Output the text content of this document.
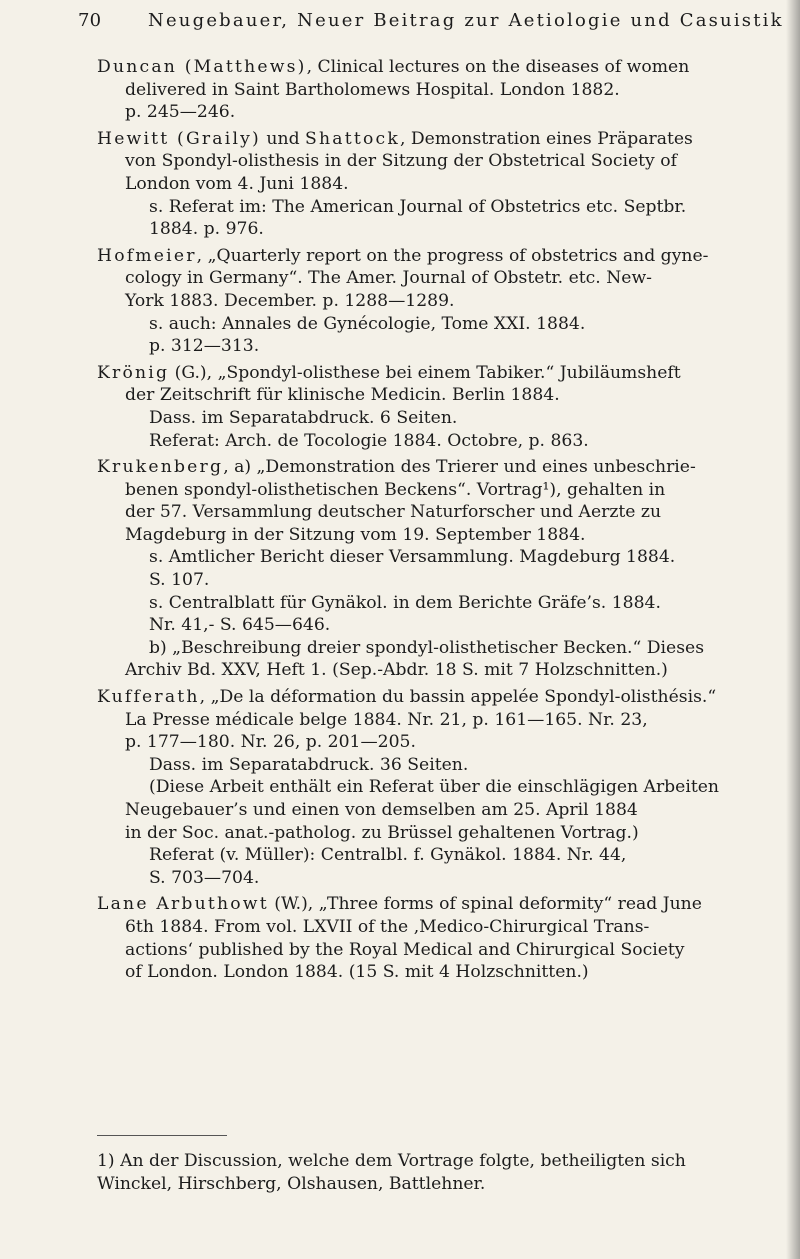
70	Neugebauer, Neuer Beitrag zur Aetiologie und Casuistik
Duncan (Matthews), Clinical lectures on the diseases of women
delivered in Saint Bartholomews Hospital. London 1882.
p. 245—246.
Hewitt (Graily) und Shattock, Demonstration eines Präparates
von Spondyl-olisthesis in der Sitzung der Obstetrical Society of
London vom 4. Juni 1884.
s. Referat im: The American Journal of Obstetrics etc. Septbr.
1884. p. 976.
Hofmeier, „Quarterly report on the progress of obstetrics and gyne-
cology in Germany“. The Amer. Journal of Obstetr. etc. New-
York 1883. December. p. 1288—1289.
s. auch: Annales de Gynécologie, Tome XXI. 1884.
p. 312—313.
Krönig (G.), „Spondyl-olisthese bei einem Tabiker.“ Jubiläumsheft
der Zeitschrift für klinische Medicin. Berlin 1884.
Dass. im Separatabdruck. 6 Seiten.
Referat: Arch. de Tocologie 1884. Octobre, p. 863.
Krukenberg, a) „Demonstration des Trierer und eines unbeschrie-
benen spondyl-olisthetischen Beckens“. Vortrag¹), gehalten in
der 57. Versammlung deutscher Naturforscher und Aerzte zu
Magdeburg in der Sitzung vom 19. September 1884.
s. Amtlicher Bericht dieser Versammlung. Magdeburg 1884.
S. 107.
s. Centralblatt für Gynäkol. in dem Berichte Gräfe’s. 1884.
Nr. 41,- S. 645—646.
b) „Beschreibung dreier spondyl-olisthetischer Becken.“ Dieses
Archiv Bd. XXV, Heft 1. (Sep.-Abdr. 18 S. mit 7 Holzschnitten.)
Kufferath, „De la déformation du bassin appelée Spondyl-olisthésis.“
La Presse médicale belge 1884. Nr. 21, p. 161—165. Nr. 23,
p. 177—180. Nr. 26, p. 201—205.
Dass. im Separatabdruck. 36 Seiten.
(Diese Arbeit enthält ein Referat über die einschlägigen Arbeiten
Neugebauer’s und einen von demselben am 25. April 1884
in der Soc. anat.-patholog. zu Brüssel gehaltenen Vortrag.)
Referat (v. Müller): Centralbl. f. Gynäkol. 1884. Nr. 44,
S. 703—704.
Lane Arbuthowt (W.), „Three forms of spinal deformity“ read June
6th 1884. From vol. LXVII of the ‚Medico-Chirurgical Trans-
actions‘ published by the Royal Medical and Chirurgical Society
of London. London 1884. (15 S. mit 4 Holzschnitten.)
1) An der Discussion, welche dem Vortrage folgte, betheiligten sich
Winckel, Hirschberg, Olshausen, Battlehner.
